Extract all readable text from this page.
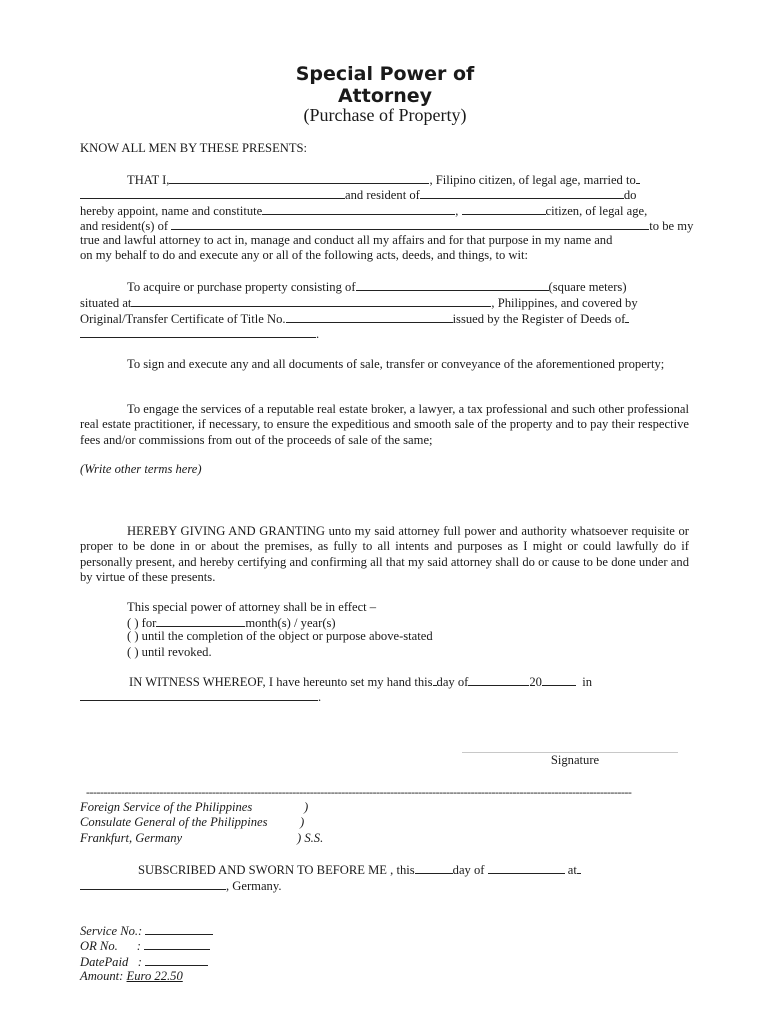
Special Power of
Attorney
(Purchase of Property)
KNOW ALL MEN BY THESE PRESENTS:
THAT I,	, Filipino citizen, of legal age, married to
and resident of	do
hereby appoint, name and constitute	,	citizen, of legal age,
and resident(s) of	to be my
true and lawful attorney to act in, manage and conduct all my affairs and for that purpose in my name and
on my behalf to do and execute any or all of the following acts, deeds, and things, to wit:
To acquire or purchase property consisting of	(square meters)
situated at	, Philippines, and covered by
Original/Transfer Certificate of Title No.	issued by the Register of Deeds of
.
To sign and execute any and all documents of sale, transfer or conveyance of the aforementioned property;
To engage the services of a reputable real estate broker, a lawyer, a tax professional and such other professional real estate practitioner, if necessary, to ensure the expeditious and smooth sale of the property and to pay their respective fees and/or commissions from out of the proceeds of sale of the same;
(Write other terms here)
HEREBY GIVING AND GRANTING unto my said attorney full power and authority whatsoever requisite or proper to be done in or about the premises, as fully to all intents and purposes as I might or could lawfully do if personally present, and hereby certifying and confirming all that my said attorney shall do or cause to be done under and by virtue of these presents.
This special power of attorney shall be in effect –
( ) for	month(s) / year(s)
( ) until the completion of the object or purpose above-stated
( ) until revoked.
IN WITNESS WHEREOF, I have hereunto set my hand this day of	20	in
.
Signature
------------------------------------------------------------------------------------------------------------------------------------------------------------
Foreign Service of the Philippines	)
Consulate General of the Philippines	)
Frankfurt, Germany	) S.S.
SUBSCRIBED AND SWORN TO BEFORE ME , this	day of	at
, Germany.
Service No.:
OR No. :
DatePaid :
Amount: Euro 22.50
